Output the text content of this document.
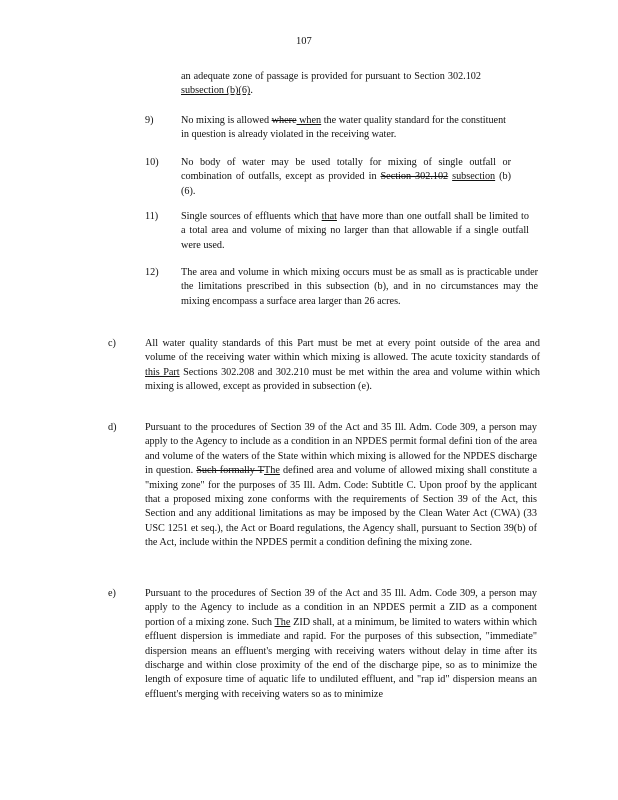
107
an adequate zone of passage is provided for pursuant to Section 302.102 subsection (b)(6).
9)	No mixing is allowed where when the water quality standard for the constituent in question is already violated in the receiving water.
10) No body of water may be used totally for mixing of single outfall or combination of outfalls, except as provided in Section 302.102 subsection (b)(6).
11) Single sources of effluents which that have more than one outfall shall be limited to a total area and volume of mixing no larger than that allowable if a single outfall were used.
12) The area and volume in which mixing occurs must be as small as is practicable under the limitations prescribed in this subsection (b), and in no circumstances may the mixing encompass a surface area larger than 26 acres.
c)	All water quality standards of this Part must be met at every point outside of the area and volume of the receiving water within which mixing is allowed. The acute toxicity standards of this Part Sections 302.208 and 302.210 must be met within the area and volume within which mixing is allowed, except as provided in subsection (e).
d)	Pursuant to the procedures of Section 39 of the Act and 35 Ill. Adm. Code 309, a person may apply to the Agency to include as a condition in an NPDES permit formal defini tion of the area and volume of the waters of the State within which mixing is allowed for the NPDES discharge in question. Such formally TThe defined area and volume of allowed mixing shall constitute a "mixing zone" for the purposes of 35 Ill. Adm. Code: Subtitle C. Upon proof by the applicant that a proposed mixing zone conforms with the requirements of Section 39 of the Act, this Section and any additional limitations as may be imposed by the Clean Water Act (CWA) (33 USC 1251 et seq.), the Act or Board regulations, the Agency shall, pursuant to Section 39(b) of the Act, include within the NPDES permit a condition defining the mixing zone.
e)	Pursuant to the procedures of Section 39 of the Act and 35 Ill. Adm. Code 309, a person may apply to the Agency to include as a condition in an NPDES permit a ZID as a component portion of a mixing zone. Such The ZID shall, at a minimum, be limited to waters within which effluent dispersion is immediate and rapid. For the purposes of this subsection, "immediate" dispersion means an effluent's merging with receiving waters without delay in time after its discharge and within close proximity of the end of the discharge pipe, so as to minimize the length of exposure time of aquatic life to undiluted effluent, and "rap id" dispersion means an effluent's merging with receiving waters so as to minimize
